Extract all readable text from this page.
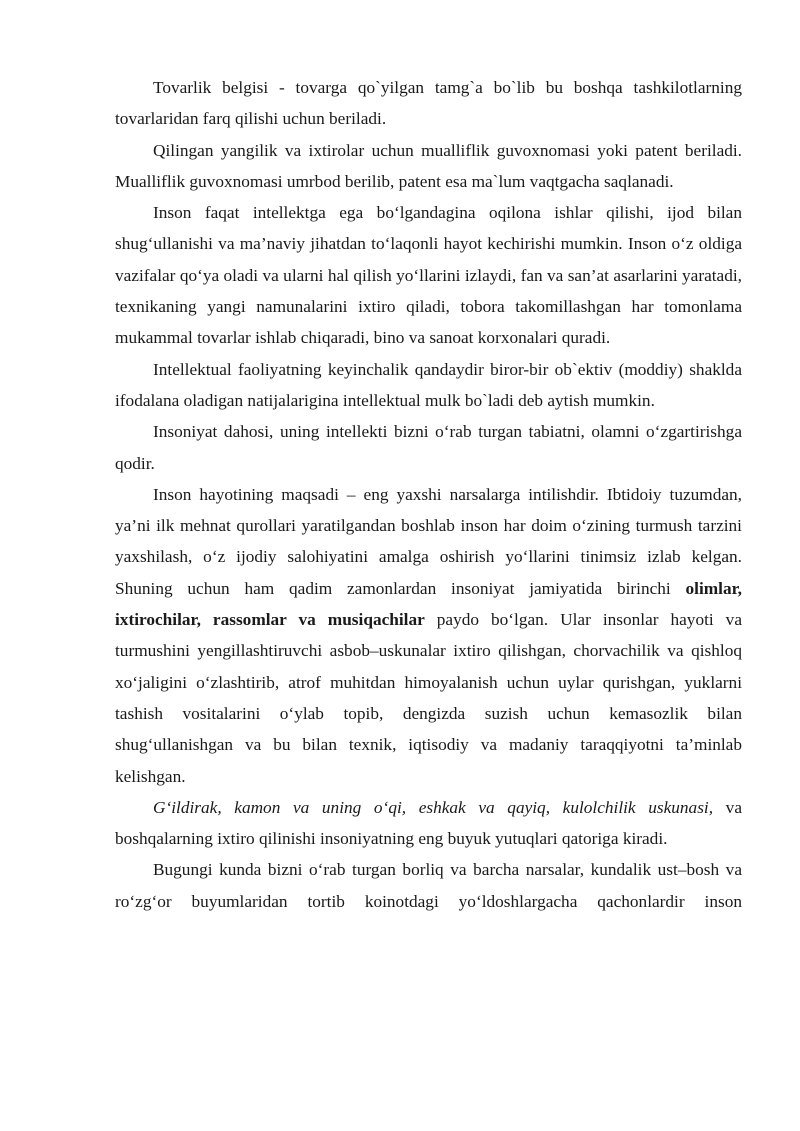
Tovarlik belgisi - tovarga qo`yilgan tamg`a bo`lib bu boshqa tashkilotlarning tovarlaridan farq qilishi uchun beriladi.

Qilingan yangilik va ixtirolar uchun mualliflik guvoxnomasi yoki patent beriladi. Mualliflik guvoxnomasi umrbod berilib, patent esa ma`lum vaqtgacha saqlanadi.

Inson faqat intellektga ega bo‘lgandagina oqilona ishlar qilishi, ijod bilan shug‘ullanishi va ma’naviy jihatdan to‘laqonli hayot kechirishi mumkin. Inson o‘z oldiga vazifalar qo‘ya oladi va ularni hal qilish yo‘llarini izlaydi, fan va san’at asarlarini yaratadi, texnikaning yangi namunalarini ixtiro qiladi, tobora takomillashgan har tomonlama mukammal tovarlar ishlab chiqaradi, bino va sanoat korxonalari quradi.

Intellektual faoliyatning keyinchalik qandaydir biror-bir ob`ektiv (moddiy) shaklda ifodalana oladigan natijalarigina intellektual mulk bo`ladi deb aytish mumkin.

Insoniyat dahosi, uning intellekti bizni o‘rab turgan tabiatni, olamni o‘zgartirishga qodir.

Inson hayotining maqsadi – eng yaxshi narsalarga intilishdir. Ibtidoiy tuzumdan, ya’ni ilk mehnat qurollari yaratilgandan boshlab inson har doim o‘zining turmush tarzini yaxshilash, o‘z ijodiy salohiyatini amalga oshirish yo‘llarini tinimsiz izlab kelgan. Shuning uchun ham qadim zamonlardan insoniyat jamiyatida birinchi olimlar, ixtirochilar, rassomlar va musiqachilar paydo bo‘lgan. Ular insonlar hayoti va turmushini yengillashtiruvchi asbob–uskunalar ixtiro qilishgan, chorvachilik va qishloq xo‘jaligini o‘zlashtirib, atrof muhitdan himoyalanish uchun uylar qurishgan, yuklarni tashish vositalarini o‘ylab topib, dengizda suzish uchun kemasozlik bilan shug‘ullanishgan va bu bilan texnik, iqtisodiy va madaniy taraqqiyotni ta’minlab kelishgan.

G‘ildirak, kamon va uning o‘qi, eshkak va qayiq, kulolchilik uskunasi, va boshqalarning ixtiro qilinishi insoniyatning eng buyuk yutuqlari qatoriga kiradi.

Bugungi kunda bizni o‘rab turgan borliq va barcha narsalar, kundalik ust–bosh va ro‘zg‘or buyumlaridan tortib koinotdagi yo‘ldoshlargacha qachonlardir inson
